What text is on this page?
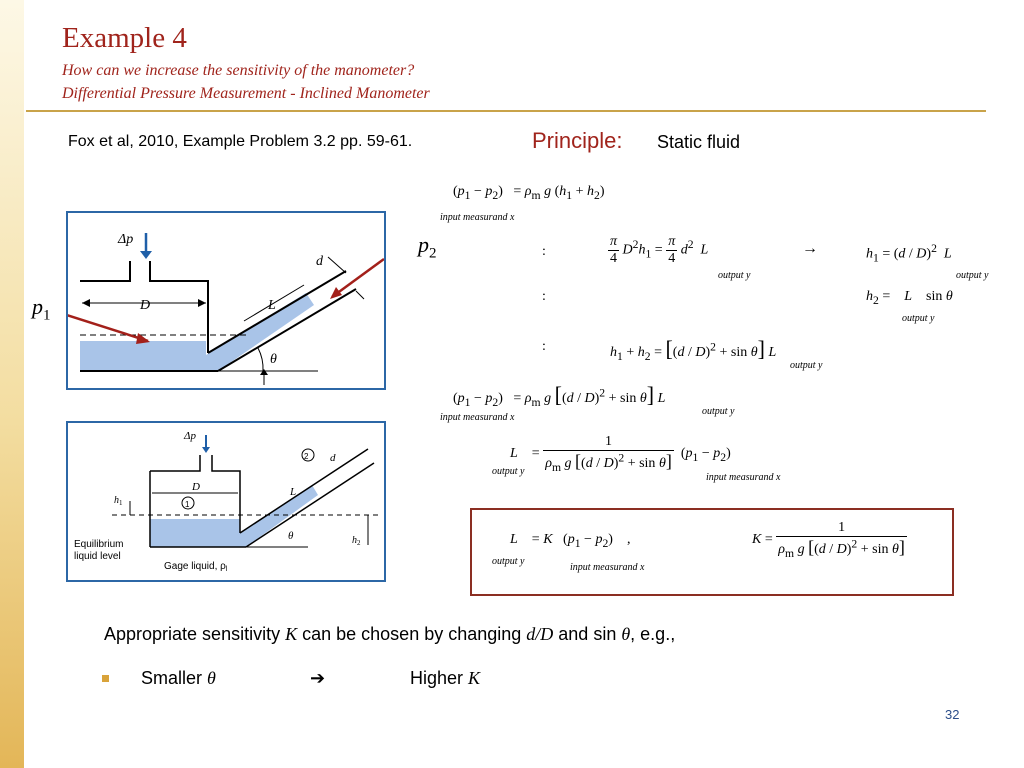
Example 4
How can we increase the sensitivity of the manometer?
Differential Pressure Measurement - Inclined Manometer
Fox et al, 2010, Example Problem 3.2 pp. 59-61.	Principle: Static fluid
Δp
D
d
L
θ
Δp
D
d
L
θ
2
1
$h_1$
$h_2$
Equilibrium
liquid level
Gage liquid, $\rho_l$
$p_2$
$p_1$
$(p_1 - p_2) = \rho_m$ g $(h_1 + h_2)$
input measurand x
:	$\frac{\pi}{4} D^2h_1 = \frac{\pi}{4} d^2$ L
output y
→	$h_1 = (d / D)^2$ L
output y
:	$h_2$ =    L    sin θ
output y
:	$h_1 + h_2 = [(d / D)^2 + \sin \theta]$ L
output y
$(p_1 - p_2) = \rho_m$ g [(d / D)$^2$ + sin θ] L
input measurand x
output y
L    = $\frac{1}{\rho_m g [(d / D)^2 + \sin \theta]} (p_1 - p_2)$
output y
input measurand x
L    = K   $(p_1 - p_2)$    ,
output y
input measurand x
$K = \frac{1}{\rho_m g [(d / D)^2 + \sin \theta]}$
Appropriate sensitivity K can be chosen by changing d/D and sin θ, e.g.,
Smaller θ	➔	Higher K
32
